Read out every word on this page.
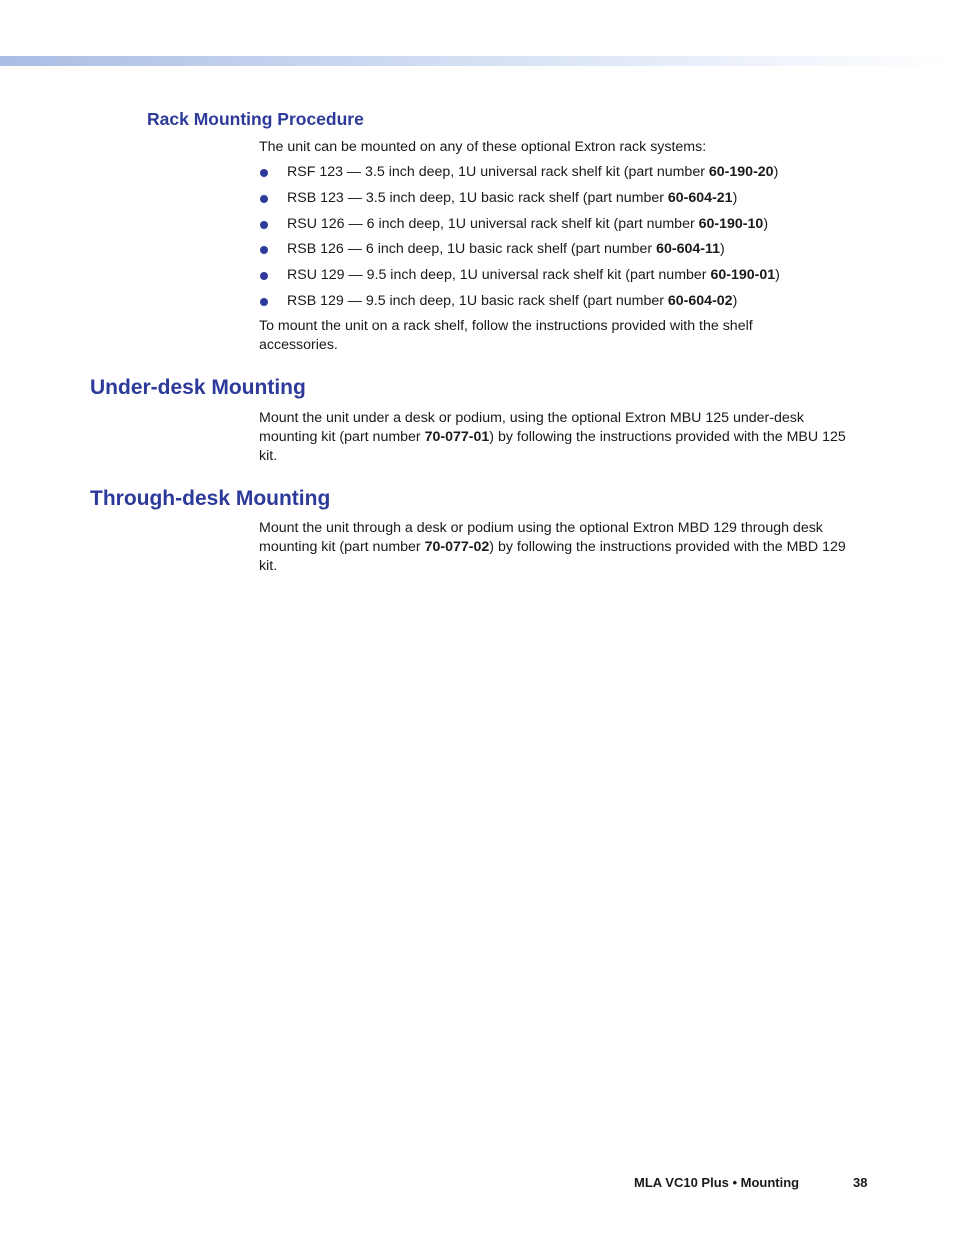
Rack Mounting Procedure

The unit can be mounted on any of these optional Extron rack systems:

RSF 123 — 3.5 inch deep, 1U universal rack shelf kit (part number 60-190-20)
RSB 123 — 3.5 inch deep, 1U basic rack shelf (part number 60-604-21)
RSU 126 — 6 inch deep, 1U universal rack shelf kit (part number 60-190-10)
RSB 126 — 6 inch deep, 1U basic rack shelf (part number 60-604-11)
RSU 129 — 9.5 inch deep, 1U universal rack shelf kit (part number 60-190-01)
RSB 129 — 9.5 inch deep, 1U basic rack shelf (part number 60-604-02)

To mount the unit on a rack shelf, follow the instructions provided with the shelf accessories.

Under-desk Mounting

Mount the unit under a desk or podium, using the optional Extron MBU 125 under-desk mounting kit (part number 70-077-01) by following the instructions provided with the MBU 125 kit.

Through-desk Mounting

Mount the unit through a desk or podium using the optional Extron MBD 129 through desk mounting kit (part number 70-077-02) by following the instructions provided with the MBD 129 kit.

MLA VC10 Plus • Mounting	38
